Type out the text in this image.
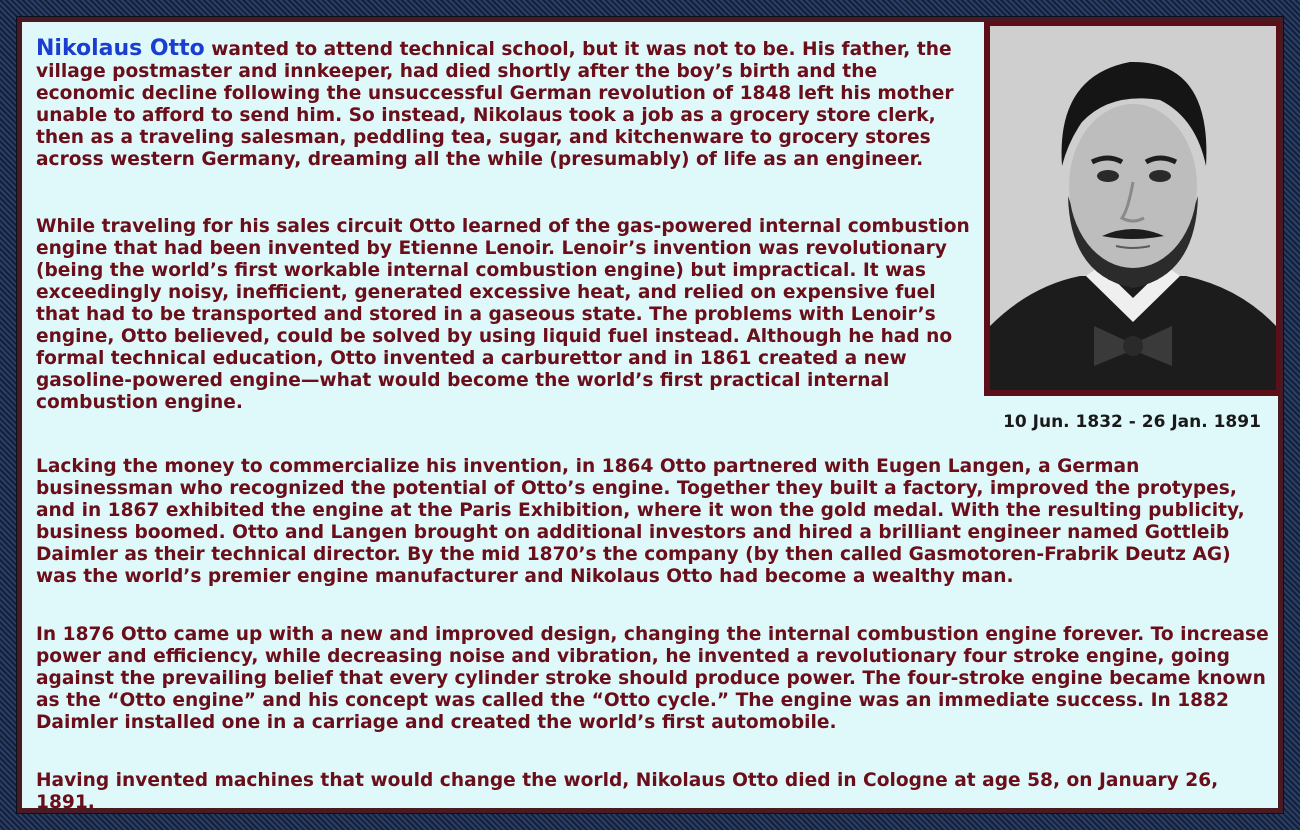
Nikolaus Otto wanted to attend technical school, but it was not to be. His father, the village postmaster and innkeeper, had died shortly after the boy’s birth and the economic decline following the unsuccessful German revolution of 1848 left his mother unable to afford to send him. So instead, Nikolaus took a job as a grocery store clerk, then as a traveling salesman, peddling tea, sugar, and kitchenware to grocery stores across western Germany, dreaming all the while (presumably) of life as an engineer.

While traveling for his sales circuit Otto learned of the gas-powered internal combustion engine that had been invented by Etienne Lenoir. Lenoir’s invention was revolutionary (being the world’s first workable internal combustion engine) but impractical. It was exceedingly noisy, inefficient, generated excessive heat, and relied on expensive fuel that had to be transported and stored in a gaseous state. The problems with Lenoir’s engine, Otto believed, could be solved by using liquid fuel instead. Although he had no formal technical education, Otto invented a carburettor and in 1861 created a new gasoline-powered engine—what would become the world’s first practical internal combustion engine.

Lacking the money to commercialize his invention, in 1864 Otto partnered with Eugen Langen, a German businessman who recognized the potential of Otto’s engine. Together they built a factory, improved the protypes, and in 1867 exhibited the engine at the Paris Exhibition, where it won the gold medal. With the resulting publicity, business boomed. Otto and Langen brought on additional investors and hired a brilliant engineer named Gottleib Daimler as their technical director. By the mid 1870’s the company (by then called Gasmotoren-Frabrik Deutz AG) was the world’s premier engine manufacturer and Nikolaus Otto had become a wealthy man.

In 1876 Otto came up with a new and improved design, changing the internal combustion engine forever. To increase power and efficiency, while decreasing noise and vibration, he invented a revolutionary four stroke engine, going against the prevailing belief that every cylinder stroke should produce power. The four-stroke engine became known as the “Otto engine” and his concept was called the “Otto cycle.” The engine was an immediate success. In 1882 Daimler installed one in a carriage and created the world’s first automobile.

Having invented machines that would change the world, Nikolaus Otto died in Cologne at age 58, on January 26, 1891.

10 Jun. 1832 - 26 Jan. 1891
